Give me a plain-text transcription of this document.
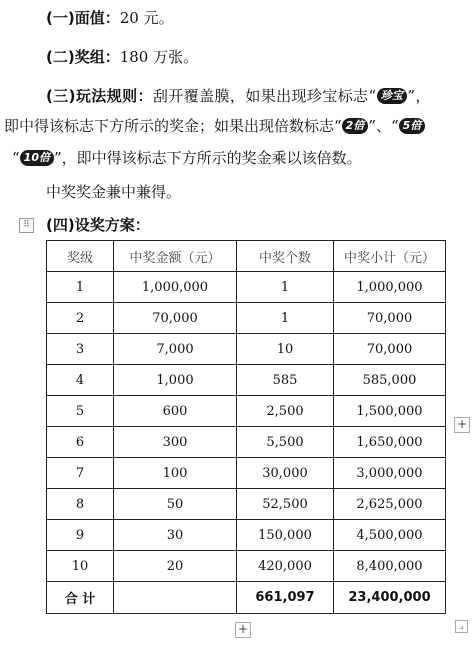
(一)面值：20 元。
(二)奖组：180 万张。
(三)玩法规则：刮开覆盖膜，如果出现珍宝标志“ 珍宝 ”，
即中得该标志下方所示的奖金；如果出现倍数标志“ 2倍 ”、“ 5倍
“ 10倍 ”，即中得该标志下方所示的奖金乘以该倍数。
中奖奖金兼中兼得。
⠿ (四)设奖方案：
奖级	中奖金额（元）	中奖个数	中奖小计（元）
1	1,000,000	1	1,000,000
2	70,000	1	70,000
3	7,000	10	70,000
4	1,000	585	585,000
5	600	2,500	1,500,000
6	300	5,500	1,650,000
7	100	30,000	3,000,000
8	50	52,500	2,625,000
9	30	150,000	4,500,000
10	20	420,000	8,400,000
合 计		661,097	23,400,000
+
+	⌟
